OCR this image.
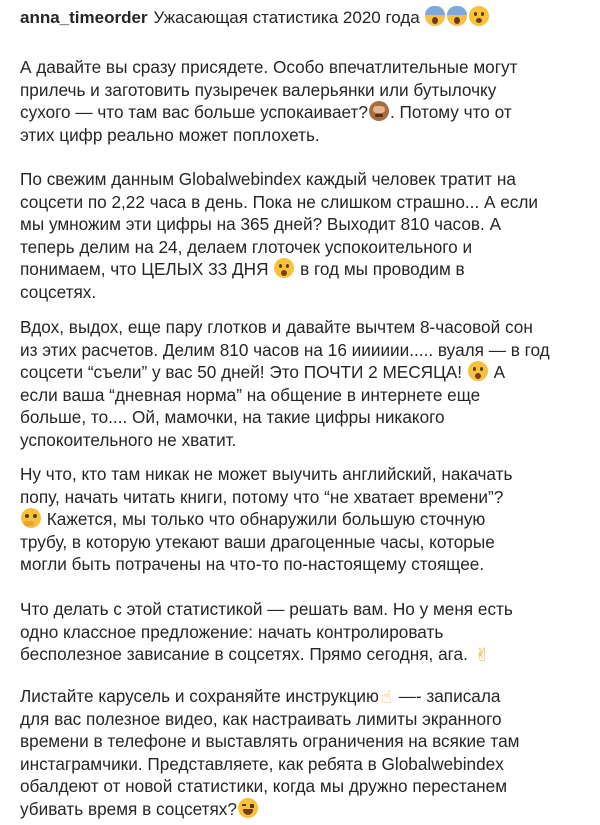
anna_timeorder Ужасающая статистика 2020 года

А давайте вы сразу присядете. Особо впечатлительные могут
прилечь и заготовить пузыречек валерьянки или бутылочку
сухого — что там вас больше успокаивает? . Потому что от
этих цифр реально может поплохеть.

По свежим данным Globalwebindex каждый человек тратит на
соцсети по 2,22 часа в день. Пока не слишком страшно... А если
мы умножим эти цифры на 365 дней? Выходит 810 часов. А
теперь делим на 24, делаем глоточек успокоительного и
понимаем, что ЦЕЛЫХ 33 ДНЯ в год мы проводим в
соцсетях.

Вдох, выдох, еще пару глотков и давайте вычтем 8-часовой сон
из этих расчетов. Делим 810 часов на 16 ииииии..... вуаля — в год
соцсети “съели” у вас 50 дней! Это ПОЧТИ 2 МЕСЯЦА! А
если ваша “дневная норма” на общение в интернете еще
больше, то.... Ой, мамочки, на такие цифры никакого
успокоительного не хватит.

Ну что, кто там никак не может выучить английский, накачать
попу, начать читать книги, потому что “не хватает времени”?
Кажется, мы только что обнаружили большую сточную
трубу, в которую утекают ваши драгоценные часы, которые
могли быть потрачены на что-то по-настоящему стоящее.

Что делать с этой статистикой — решать вам. Но у меня есть
одно классное предложение: начать контролировать
бесполезное зависание в соцсетях. Прямо сегодня, ага. ✌

Листайте карусель и сохраняйте инструкцию ☝ —- записала
для вас полезное видео, как настраивать лимиты экранного
времени в телефоне и выставлять ограничения на всякие там
инстаграмчики. Представляете, как ребята в Globalwebindex
обалдеют от новой статистики, когда мы дружно перестанем
убивать время в соцсетях?
